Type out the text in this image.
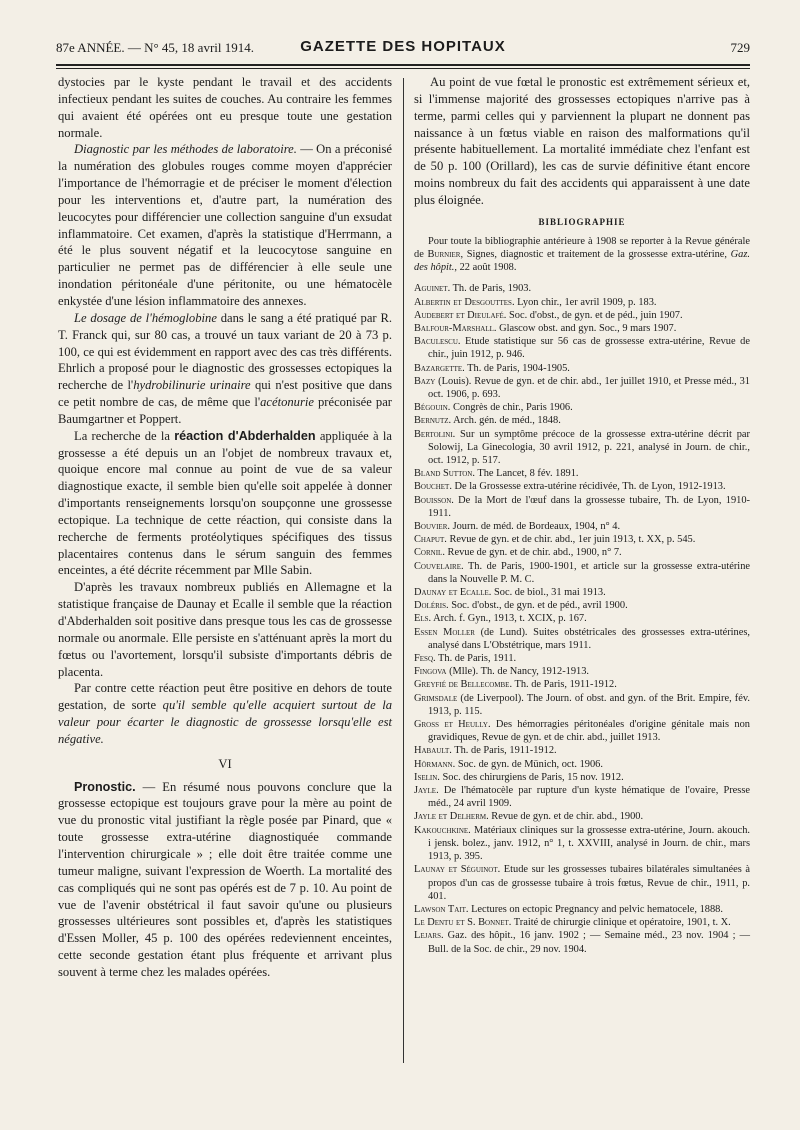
87e ANNÉE. — N° 45, 18 avril 1914.	GAZETTE DES HOPITAUX	729

dystocies par le kyste pendant le travail et des accidents infectieux pendant les suites de couches. Au contraire les femmes qui avaient été opérées ont eu presque toute une gestation normale.

Diagnostic par les méthodes de laboratoire. — On a préconisé la numération des globules rouges comme moyen d'apprécier l'importance de l'hémorragie et de préciser le moment d'élection pour les interventions et, d'autre part, la numération des leucocytes pour différencier une collection sanguine d'un exsudat inflammatoire. Cet examen, d'après la statistique d'Herrmann, a été le plus souvent négatif et la leucocytose sanguine en particulier ne permet pas de différencier à elle seule une inondation péritonéale d'une péritonite, ou une hématocèle enkystée d'une lésion inflammatoire des annexes.

Le dosage de l'hémoglobine dans le sang a été pratiqué par R. T. Franck qui, sur 80 cas, a trouvé un taux variant de 20 à 73 p. 100, ce qui est évidemment en rapport avec des cas très différents. Ehrlich a proposé pour le diagnostic des grossesses ectopiques la recherche de l'hydrobilinurie urinaire qui n'est positive que dans ce petit nombre de cas, de même que l'acétonurie préconisée par Baumgartner et Poppert.

La recherche de la réaction d'Abderhalden appliquée à la grossesse a été depuis un an l'objet de nombreux travaux et, quoique encore mal connue au point de vue de sa valeur diagnostique exacte, il semble bien qu'elle soit appelée à donner d'importants renseignements lorsqu'on soupçonne une grossesse ectopique. La technique de cette réaction, qui consiste dans la recherche de ferments protéolytiques spécifiques des tissus placentaires contenus dans le sérum sanguin des femmes enceintes, a été décrite récemment par Mlle Sabin.

D'après les travaux nombreux publiés en Allemagne et la statistique française de Daunay et Ecalle il semble que la réaction d'Abderhalden soit positive dans presque tous les cas de grossesse normale ou anormale. Elle persiste en s'atténuant après la mort du fœtus ou l'avortement, lorsqu'il subsiste d'importants débris de placenta.

Par contre cette réaction peut être positive en dehors de toute gestation, de sorte qu'il semble qu'elle acquiert surtout de la valeur pour écarter le diagnostic de grossesse lorsqu'elle est négative.

VI

Pronostic. — En résumé nous pouvons conclure que la grossesse ectopique est toujours grave pour la mère au point de vue du pronostic vital justifiant la règle posée par Pinard, que « toute grossesse extra-utérine diagnostiquée commande l'intervention chirurgicale » ; elle doit être traitée comme une tumeur maligne, suivant l'expression de Woerth. La mortalité des cas compliqués qui ne sont pas opérés est de 7 p. 10. Au point de vue de l'avenir obstétrical il faut savoir qu'une ou plusieurs grossesses ultérieures sont possibles et, d'après les statistiques d'Essen Moller, 45 p. 100 des opérées redeviennent enceintes, cette seconde gestation étant plus fréquente et arrivant plus souvent à terme chez les malades opérées.

Au point de vue fœtal le pronostic est extrêmement sérieux et, si l'immense majorité des grossesses ectopiques n'arrive pas à terme, parmi celles qui y parviennent la plupart ne donnent pas naissance à un fœtus viable en raison des malformations qu'il présente habituellement. La mortalité immédiate chez l'enfant est de 50 p. 100 (Orillard), les cas de survie définitive étant encore moins nombreux du fait des accidents qui apparaissent à une date plus éloignée.

BIBLIOGRAPHIE

Pour toute la bibliographie antérieure à 1908 se reporter à la Revue générale de Burnier, Signes, diagnostic et traitement de la grossesse extra-utérine, Gaz. des hôpit., 22 août 1908.

Aguinet. Th. de Paris, 1903.

Albertin et Desgouttes. Lyon chir., 1er avril 1909, p. 183.

Audebert et Dieulafé. Soc. d'obst., de gyn. et de péd., juin 1907.

Balfour-Marshall. Glascow obst. and gyn. Soc., 9 mars 1907.

Baculescu. Etude statistique sur 56 cas de grossesse extra-utérine, Revue de chir., juin 1912, p. 946.

Bazargette. Th. de Paris, 1904-1905.

Bazy (Louis). Revue de gyn. et de chir. abd., 1er juillet 1910, et Presse méd., 31 oct. 1906, p. 693.

Bégouin. Congrès de chir., Paris 1906.

Bernutz. Arch. gén. de méd., 1848.

Bertolini. Sur un symptôme précoce de la grossesse extra-utérine décrit par Solowij, La Ginecologia, 30 avril 1912, p. 221, analysé in Journ. de chir., oct. 1912, p. 517.

Bland Sutton. The Lancet, 8 fév. 1891.

Bouchet. De la Grossesse extra-utérine récidivée, Th. de Lyon, 1912-1913.

Bouisson. De la Mort de l'œuf dans la grossesse tubaire, Th. de Lyon, 1910-1911.

Bouvier. Journ. de méd. de Bordeaux, 1904, n° 4.

Chaput. Revue de gyn. et de chir. abd., 1er juin 1913, t. XX, p. 545.

Cornil. Revue de gyn. et de chir. abd., 1900, n° 7.

Couvelaire. Th. de Paris, 1900-1901, et article sur la grossesse extra-utérine dans la Nouvelle P. M. C.

Daunay et Ecalle. Soc. de biol., 31 mai 1913.

Doléris. Soc. d'obst., de gyn. et de péd., avril 1900.

Els. Arch. f. Gyn., 1913, t. XCIX, p. 167.

Essen Moller (de Lund). Suites obstétricales des grossesses extra-utérines, analysé dans L'Obstétrique, mars 1911.

Fesq. Th. de Paris, 1911.

Fingova (Mlle). Th. de Nancy, 1912-1913.

Greyfié de Bellecombe. Th. de Paris, 1911-1912.

Grimsdale (de Liverpool). The Journ. of obst. and gyn. of the Brit. Empire, fév. 1913, p. 115.

Gross et Heully. Des hémorragies péritonéales d'origine génitale mais non gravidiques, Revue de gyn. et de chir. abd., juillet 1913.

Habault. Th. de Paris, 1911-1912.

Hörmann. Soc. de gyn. de Münich, oct. 1906.

Iselin. Soc. des chirurgiens de Paris, 15 nov. 1912.

Jayle. De l'hématocèle par rupture d'un kyste hématique de l'ovaire, Presse méd., 24 avril 1909.

Jayle et Delherm. Revue de gyn. et de chir. abd., 1900.

Kakouchkine. Matériaux cliniques sur la grossesse extra-utérine, Journ. akouch. i jensk. bolez., janv. 1912, n° 1, t. XXVIII, analysé in Journ. de chir., mars 1913, p. 395.

Launay et Séguinot. Etude sur les grossesses tubaires bilatérales simultanées à propos d'un cas de grossesse tubaire à trois fœtus, Revue de chir., 1911, p. 401.

Lawson Tait. Lectures on ectopic Pregnancy and pelvic hematocele, 1888.

Le Dentu et S. Bonnet. Traité de chirurgie clinique et opératoire, 1901, t. X.

Lejars. Gaz. des hôpit., 16 janv. 1902 ; — Semaine méd., 23 nov. 1904 ; — Bull. de la Soc. de chir., 29 nov. 1904.
